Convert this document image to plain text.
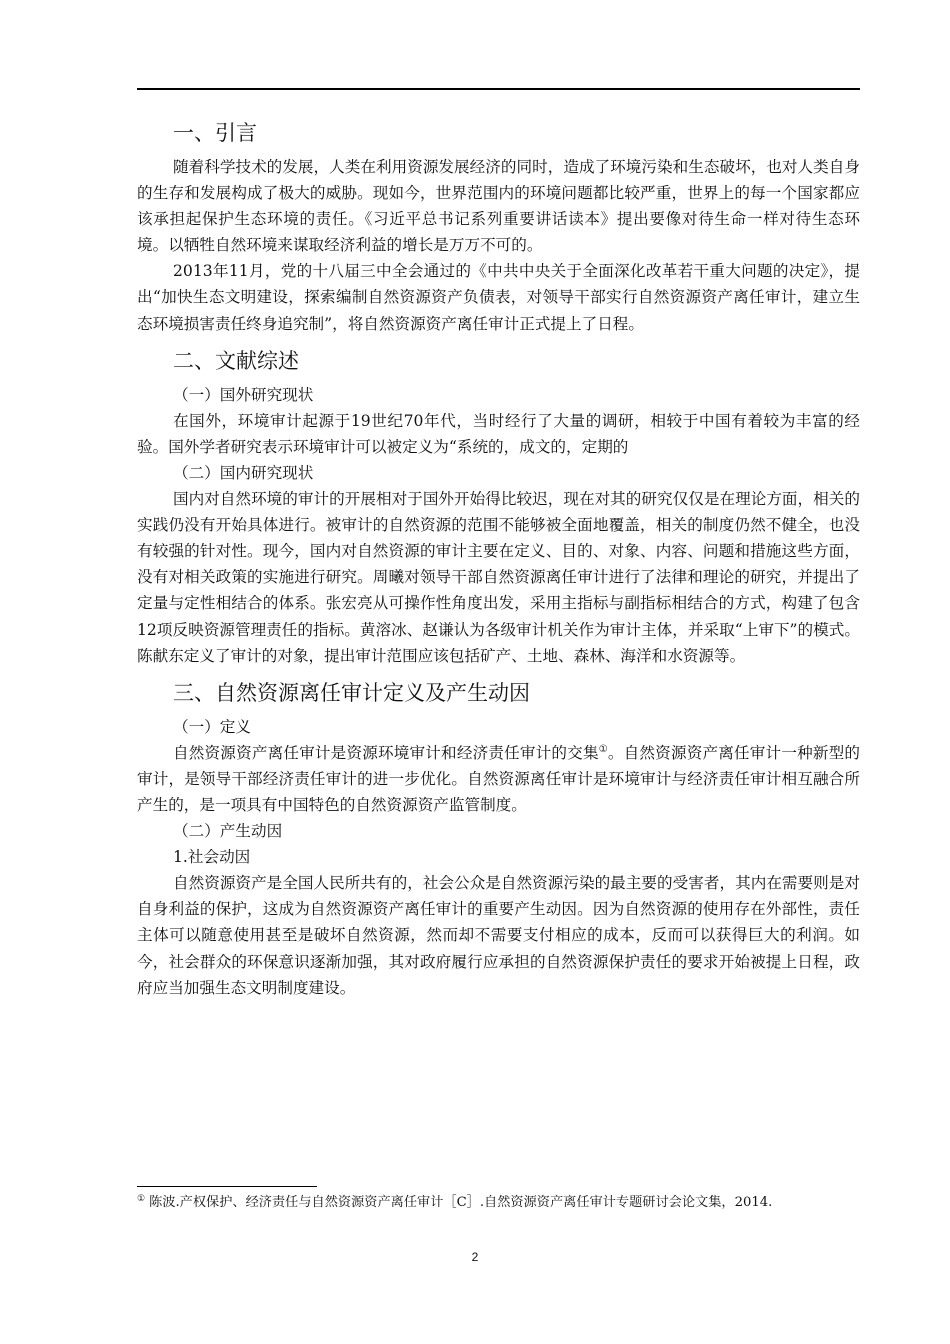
一、引言

随着科学技术的发展，人类在利用资源发展经济的同时，造成了环境污染和生态破坏，也对人类自身的生存和发展构成了极大的威胁。现如今，世界范围内的环境问题都比较严重，世界上的每一个国家都应该承担起保护生态环境的责任。《习近平总书记系列重要讲话读本》提出要像对待生命一样对待生态环境。以牺牲自然环境来谋取经济利益的增长是万万不可的。

2013年11月，党的十八届三中全会通过的《中共中央关于全面深化改革若干重大问题的决定》，提出“加快生态文明建设，探索编制自然资源资产负债表，对领导干部实行自然资源资产离任审计，建立生态环境损害责任终身追究制”，将自然资源资产离任审计正式提上了日程。

二、文献综述
（一）国外研究现状

在国外，环境审计起源于19世纪70年代，当时经行了大量的调研，相较于中国有着较为丰富的经验。国外学者研究表示环境审计可以被定义为“系统的，成文的，定期的

（二）国内研究现状

国内对自然环境的审计的开展相对于国外开始得比较迟，现在对其的研究仅仅是在理论方面，相关的实践仍没有开始具体进行。被审计的自然资源的范围不能够被全面地覆盖，相关的制度仍然不健全，也没有较强的针对性。现今，国内对自然资源的审计主要在定义、目的、对象、内容、问题和措施这些方面，没有对相关政策的实施进行研究。周曦对领导干部自然资源离任审计进行了法律和理论的研究，并提出了定量与定性相结合的体系。张宏亮从可操作性角度出发，采用主指标与副指标相结合的方式，构建了包含12项反映资源管理责任的指标。黄溶冰、赵谦认为各级审计机关作为审计主体，并采取“上审下”的模式。陈献东定义了审计的对象，提出审计范围应该包括矿产、土地、森林、海洋和水资源等。

三、自然资源离任审计定义及产生动因
（一）定义

自然资源资产离任审计是资源环境审计和经济责任审计的交集①。自然资源资产离任审计一种新型的审计，是领导干部经济责任审计的进一步优化。自然资源离任审计是环境审计与经济责任审计相互融合所产生的，是一项具有中国特色的自然资源资产监管制度。

（二）产生动因
1.社会动因

自然资源资产是全国人民所共有的，社会公众是自然资源污染的最主要的受害者，其内在需要则是对自身利益的保护，这成为自然资源资产离任审计的重要产生动因。因为自然资源的使用存在外部性，责任主体可以随意使用甚至是破坏自然资源，然而却不需要支付相应的成本，反而可以获得巨大的利润。如今，社会群众的环保意识逐渐加强，其对政府履行应承担的自然资源保护责任的要求开始被提上日程，政府应当加强生态文明制度建设。

① 陈波.产权保护、经济责任与自然资源资产离任审计［C］.自然资源资产离任审计专题研讨会论文集，2014.
2
